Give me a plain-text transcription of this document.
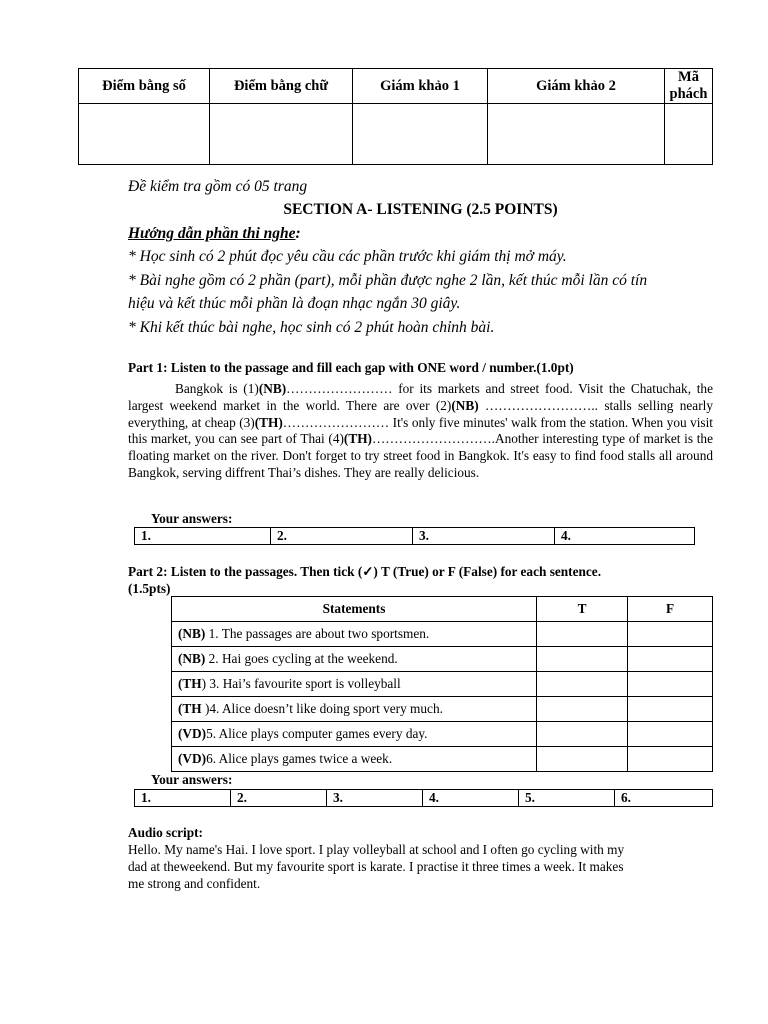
Điểm bằng số	Điểm bằng chữ	Giám khảo 1	Giám khảo 2	Mã phách

Đề kiểm tra gồm có 05 trang
SECTION A- LISTENING (2.5 POINTS)
Hướng dẫn phần thi nghe:
* Học sinh có 2 phút đọc yêu cầu các phần trước khi giám thị mở máy.
* Bài nghe gồm có 2 phần (part), mỗi phần được nghe 2 lần, kết thúc mỗi lần có tín
hiệu và kết thúc mỗi phần là đoạn nhạc ngắn 30 giây.
* Khi kết thúc bài nghe, học sinh có 2 phút hoàn chỉnh bài.
Part 1: Listen to the passage and fill each gap with ONE word / number.(1.0pt)
Bangkok is (1)(NB)…………………… for its markets and street food. Visit the Chatuchak, the largest weekend market in the world. There are over (2)(NB) …………………….. stalls selling nearly everything, at cheap (3)(TH)…………………… It's only five minutes' walk from the station. When you visit this market, you can see part of Thai (4)(TH)……………………….Another interesting type of market is the floating market on the river. Don't forget to try street food in Bangkok. It's easy to find food stalls all around Bangkok, serving diffrent Thai’s dishes. They are really delicious.
Your answers:
1.	2.	3.	4.
Part 2: Listen to the passages. Then tick (✓) T (True) or F (False) for each sentence.
(1.5pts)
Statements	T	F
(NB) 1. The passages are about two sportsmen.		
(NB) 2. Hai goes cycling at the weekend.		
(TH) 3. Hai’s favourite sport is volleyball		
(TH )4. Alice doesn’t like doing sport very much.		
(VD)5. Alice plays computer games every day.		
(VD)6. Alice plays games twice a week.		
Your answers:
1.	2.	3.	4.	5.	6.
Audio script:
Hello. My name's Hai. I love sport. I play volleyball at school and I often go cycling with my
dad at theweekend. But my favourite sport is karate. I practise it three times a week. It makes
me strong and confident.
